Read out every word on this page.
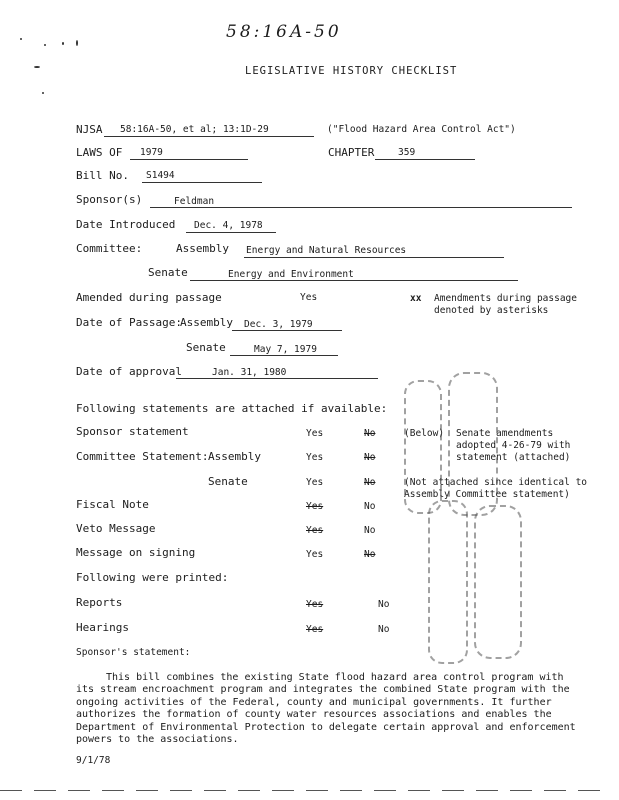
58:16A-50
LEGISLATIVE HISTORY CHECKLIST
NJSA 58:16A-50, et al; 13:1D-29	("Flood Hazard Area Control Act")
LAWS OF 1979	CHAPTER 359
Bill No. S1494
Sponsor(s)	Feldman
Date Introduced Dec. 4, 1978
Committee:	Assembly Energy and Natural Resources
Senate	Energy and Environment
Amended during passage	Yes	xx Amendments during passage denoted by asterisks
Date of Passage:
Assembly Dec. 3, 1979
Senate	May 7, 1979
Date of approval	Jan. 31, 1980
Following statements are attached if available:
Sponsor statement	Yes	No	(Below) Senate amendments adopted 4-26-79 with statement (attached)
Committee Statement: Assembly	Yes	No
Senate	Yes	No	(Not attached since identical to Assembly Committee statement)
Fiscal Note	Yes	No
Veto Message	Yes	No
Message on signing	Yes	No
Following were printed:
Reports	Yes	No
Hearings	Yes	No
Sponsor's statement:
This bill combines the existing State flood hazard area control program with its stream encroachment program and integrates the combined State program with the ongoing activities of the Federal, county and municipal governments. It further authorizes the formation of county water resources associations and enables the Department of Environmental Protection to delegate certain approval and enforcement powers to the associations.
9/1/78
